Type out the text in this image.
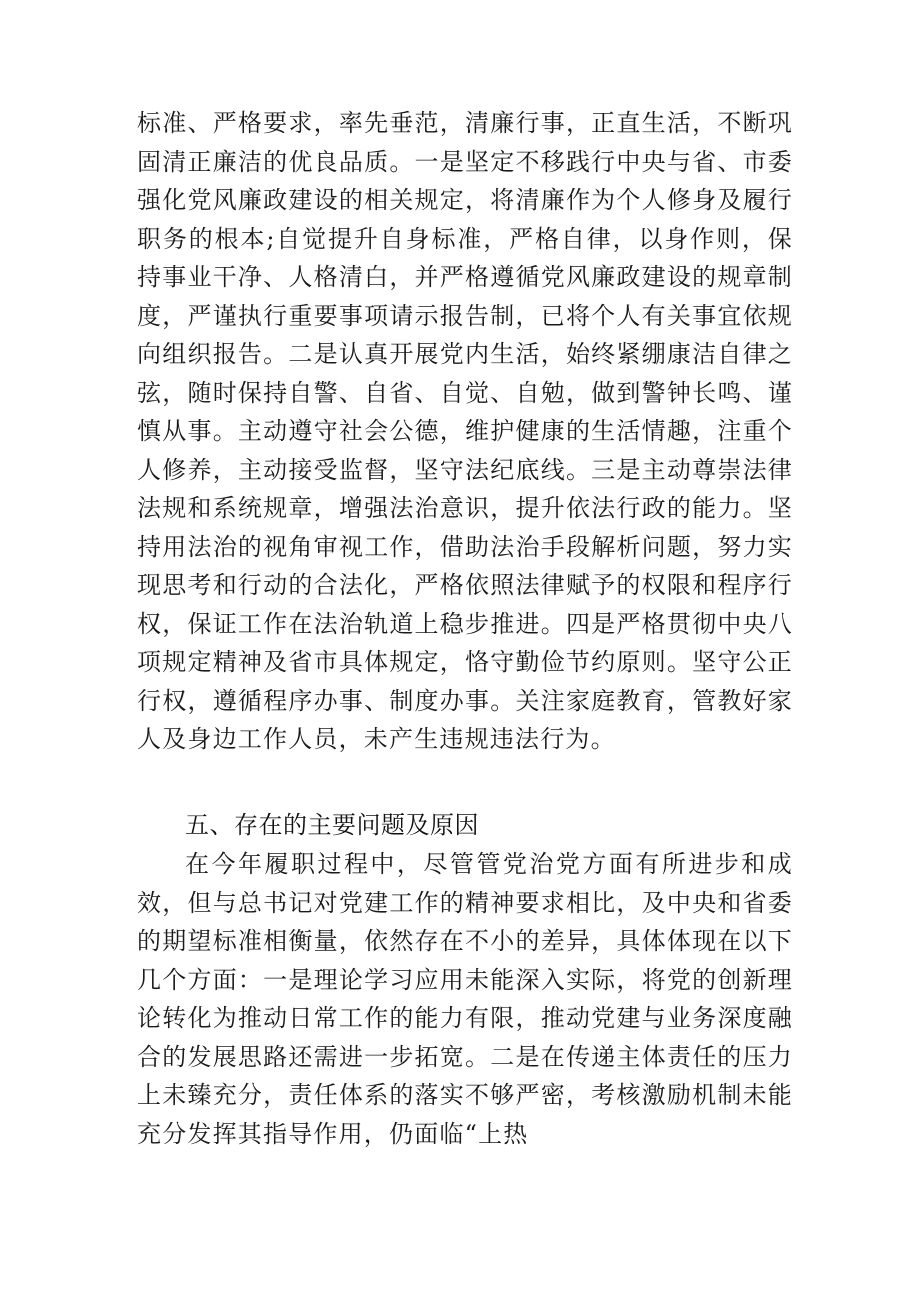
标准、严格要求，率先垂范，清廉行事，正直生活，不断巩固清正廉洁的优良品质。一是坚定不移践行中央与省、市委强化党风廉政建设的相关规定，将清廉作为个人修身及履行职务的根本;自觉提升自身标准，严格自律，以身作则，保持事业干净、人格清白，并严格遵循党风廉政建设的规章制度，严谨执行重要事项请示报告制，已将个人有关事宜依规向组织报告。二是认真开展党内生活，始终紧绷康洁自律之弦，随时保持自警、自省、自觉、自勉，做到警钟长鸣、谨慎从事。主动遵守社会公德，维护健康的生活情趣，注重个人修养，主动接受监督，坚守法纪底线。三是主动尊崇法律法规和系统规章，增强法治意识，提升依法行政的能力。坚持用法治的视角审视工作，借助法治手段解析问题，努力实现思考和行动的合法化，严格依照法律赋予的权限和程序行权，保证工作在法治轨道上稳步推进。四是严格贯彻中央八项规定精神及省市具体规定，恪守勤俭节约原则。坚守公正行权，遵循程序办事、制度办事。关注家庭教育，管教好家人及身边工作人员，未产生违规违法行为。

五、存在的主要问题及原因

在今年履职过程中，尽管管党治党方面有所进步和成效，但与总书记对党建工作的精神要求相比，及中央和省委的期望标准相衡量，依然存在不小的差异，具体体现在以下几个方面：一是理论学习应用未能深入实际，将党的创新理论转化为推动日常工作的能力有限，推动党建与业务深度融合的发展思路还需进一步拓宽。二是在传递主体责任的压力上未臻充分，责任体系的落实不够严密，考核激励机制未能充分发挥其指导作用，仍面临“上热
